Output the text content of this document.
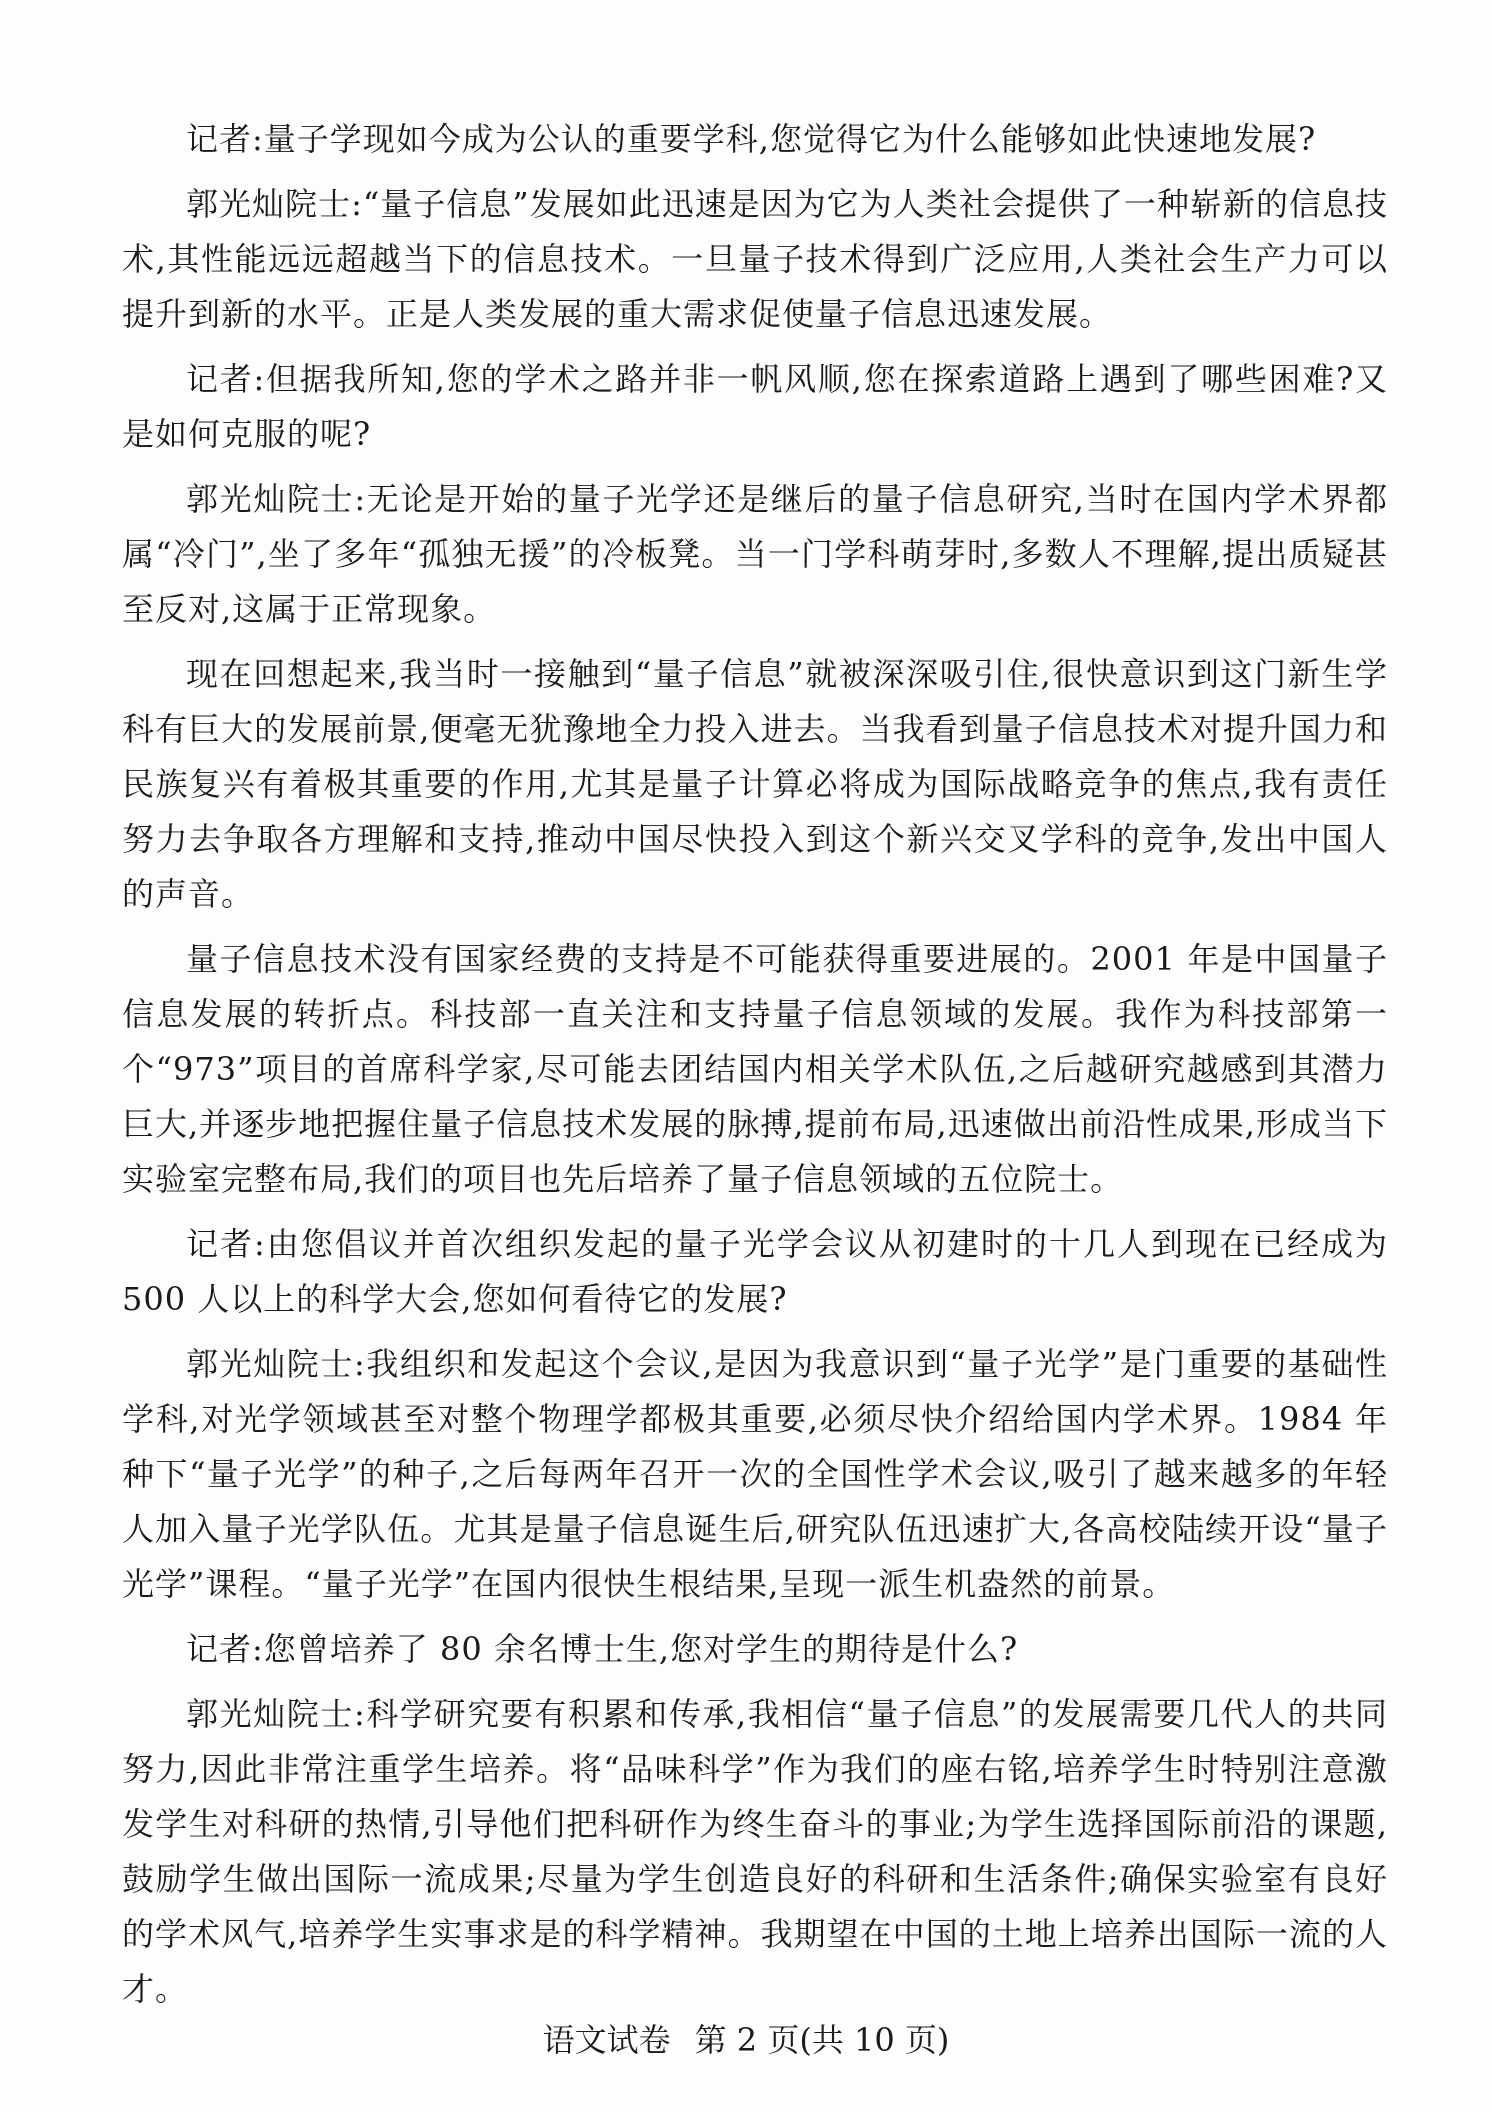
记者:量子学现如今成为公认的重要学科,您觉得它为什么能够如此快速地发展?

郭光灿院士:“量子信息”发展如此迅速是因为它为人类社会提供了一种崭新的信息技术,其性能远远超越当下的信息技术。一旦量子技术得到广泛应用,人类社会生产力可以提升到新的水平。正是人类发展的重大需求促使量子信息迅速发展。

记者:但据我所知,您的学术之路并非一帆风顺,您在探索道路上遇到了哪些困难?又是如何克服的呢?

郭光灿院士:无论是开始的量子光学还是继后的量子信息研究,当时在国内学术界都属“冷门”,坐了多年“孤独无援”的冷板凳。当一门学科萌芽时,多数人不理解,提出质疑甚至反对,这属于正常现象。

现在回想起来,我当时一接触到“量子信息”就被深深吸引住,很快意识到这门新生学科有巨大的发展前景,便毫无犹豫地全力投入进去。当我看到量子信息技术对提升国力和民族复兴有着极其重要的作用,尤其是量子计算必将成为国际战略竞争的焦点,我有责任努力去争取各方理解和支持,推动中国尽快投入到这个新兴交叉学科的竞争,发出中国人的声音。

量子信息技术没有国家经费的支持是不可能获得重要进展的。2001 年是中国量子信息发展的转折点。科技部一直关注和支持量子信息领域的发展。我作为科技部第一个“973”项目的首席科学家,尽可能去团结国内相关学术队伍,之后越研究越感到其潜力巨大,并逐步地把握住量子信息技术发展的脉搏,提前布局,迅速做出前沿性成果,形成当下实验室完整布局,我们的项目也先后培养了量子信息领域的五位院士。

记者:由您倡议并首次组织发起的量子光学会议从初建时的十几人到现在已经成为 500 人以上的科学大会,您如何看待它的发展?

郭光灿院士:我组织和发起这个会议,是因为我意识到“量子光学”是门重要的基础性学科,对光学领域甚至对整个物理学都极其重要,必须尽快介绍给国内学术界。1984 年种下“量子光学”的种子,之后每两年召开一次的全国性学术会议,吸引了越来越多的年轻人加入量子光学队伍。尤其是量子信息诞生后,研究队伍迅速扩大,各高校陆续开设“量子光学”课程。“量子光学”在国内很快生根结果,呈现一派生机盎然的前景。

记者:您曾培养了 80 余名博士生,您对学生的期待是什么?

郭光灿院士:科学研究要有积累和传承,我相信“量子信息”的发展需要几代人的共同努力,因此非常注重学生培养。将“品味科学”作为我们的座右铭,培养学生时特别注意激发学生对科研的热情,引导他们把科研作为终生奋斗的事业;为学生选择国际前沿的课题,鼓励学生做出国际一流成果;尽量为学生创造良好的科研和生活条件;确保实验室有良好的学术风气,培养学生实事求是的科学精神。我期望在中国的土地上培养出国际一流的人才。

语文试卷 第 2 页(共 10 页)
